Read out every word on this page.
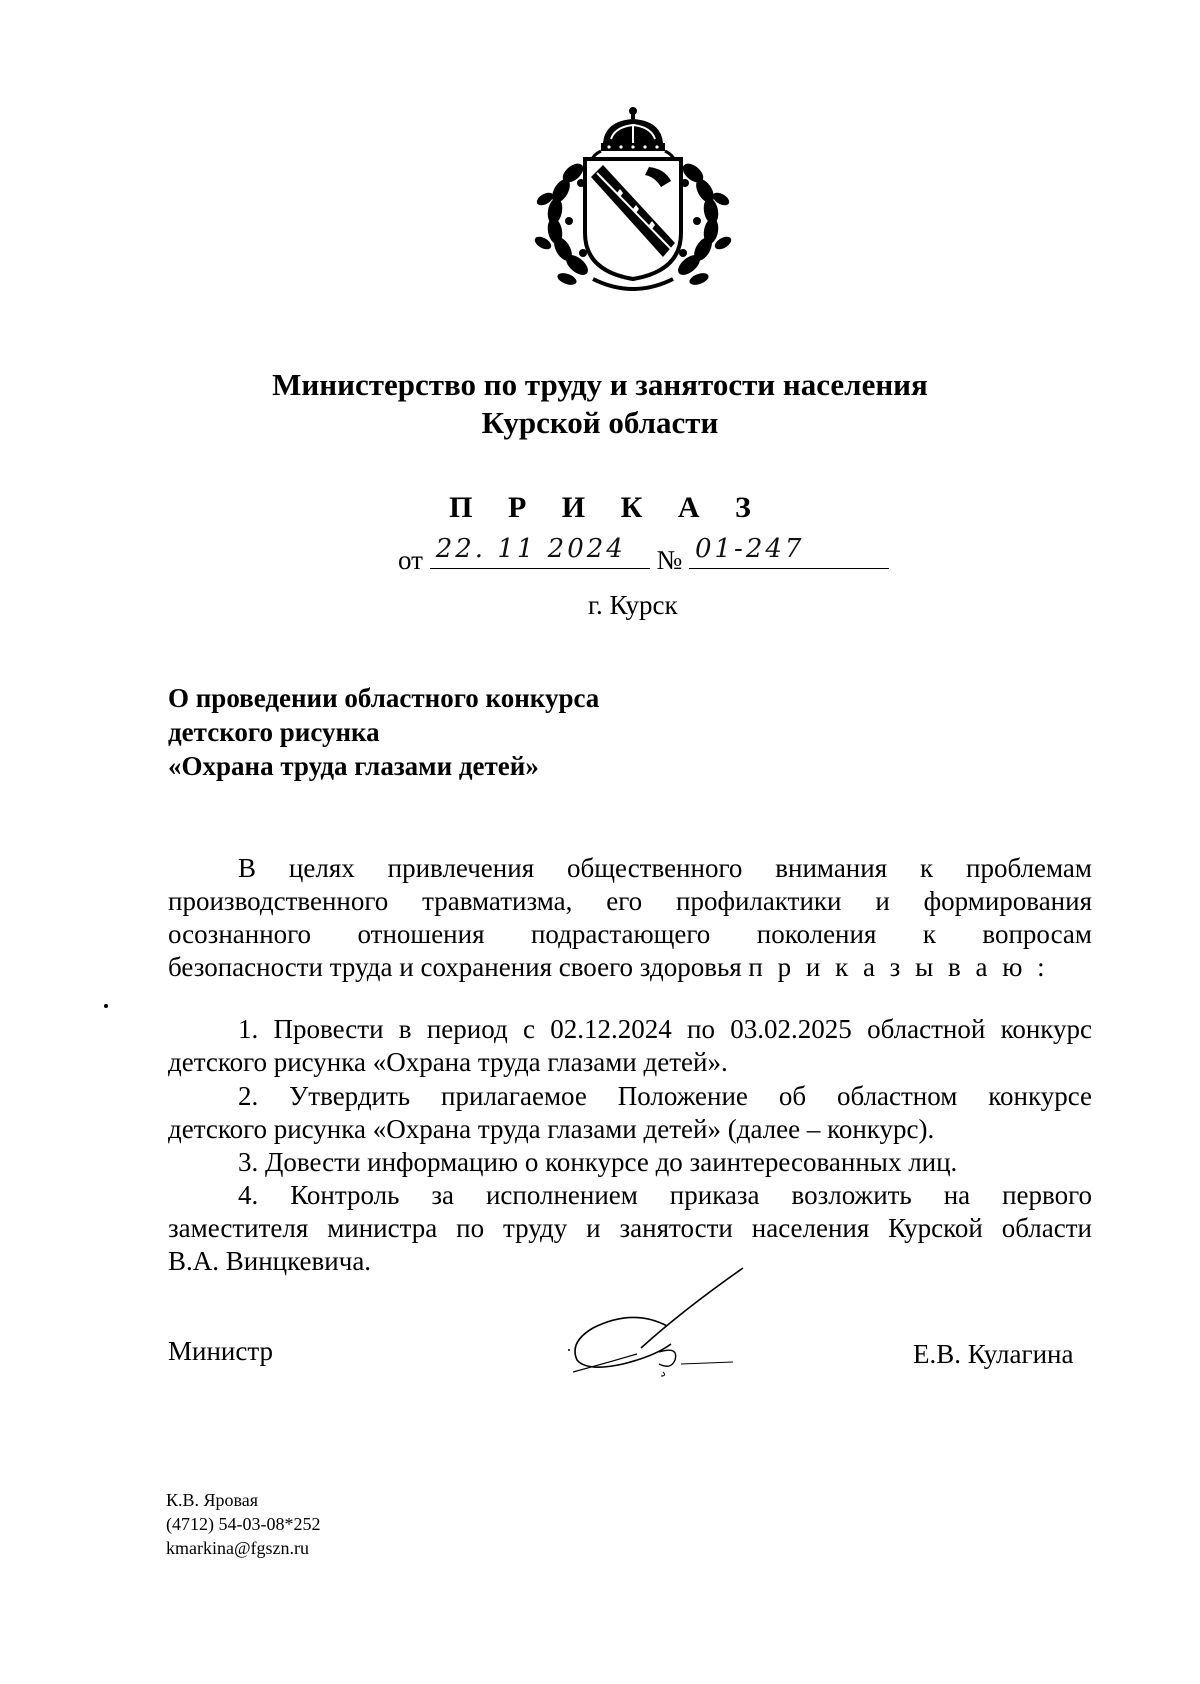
Министерство по труду и занятости населения
Курской области
П Р И К А З
от 22. 11 2024 № 01-247
г. Курск
О проведении областного конкурса
детского рисунка
«Охрана труда глазами детей»
В целях привлечения общественного внимания к проблемам
производственного травматизма, его профилактики и формирования
осознанного отношения подрастающего поколения к вопросам
безопасности труда и сохранения своего здоровья п р и к а з ы в а ю :
1. Провести в период с 02.12.2024 по 03.02.2025 областной конкурс
детского рисунка «Охрана труда глазами детей».
2. Утвердить прилагаемое Положение об областном конкурсе
детского рисунка «Охрана труда глазами детей» (далее – конкурс).
3. Довести информацию о конкурсе до заинтересованных лиц.
4. Контроль за исполнением приказа возложить на первого
заместителя министра по труду и занятости населения Курской области
В.А. Винцкевича.
Министр	Е.В. Кулагина
К.В. Яровая
(4712) 54-03-08*252
kmarkina@fgszn.ru
